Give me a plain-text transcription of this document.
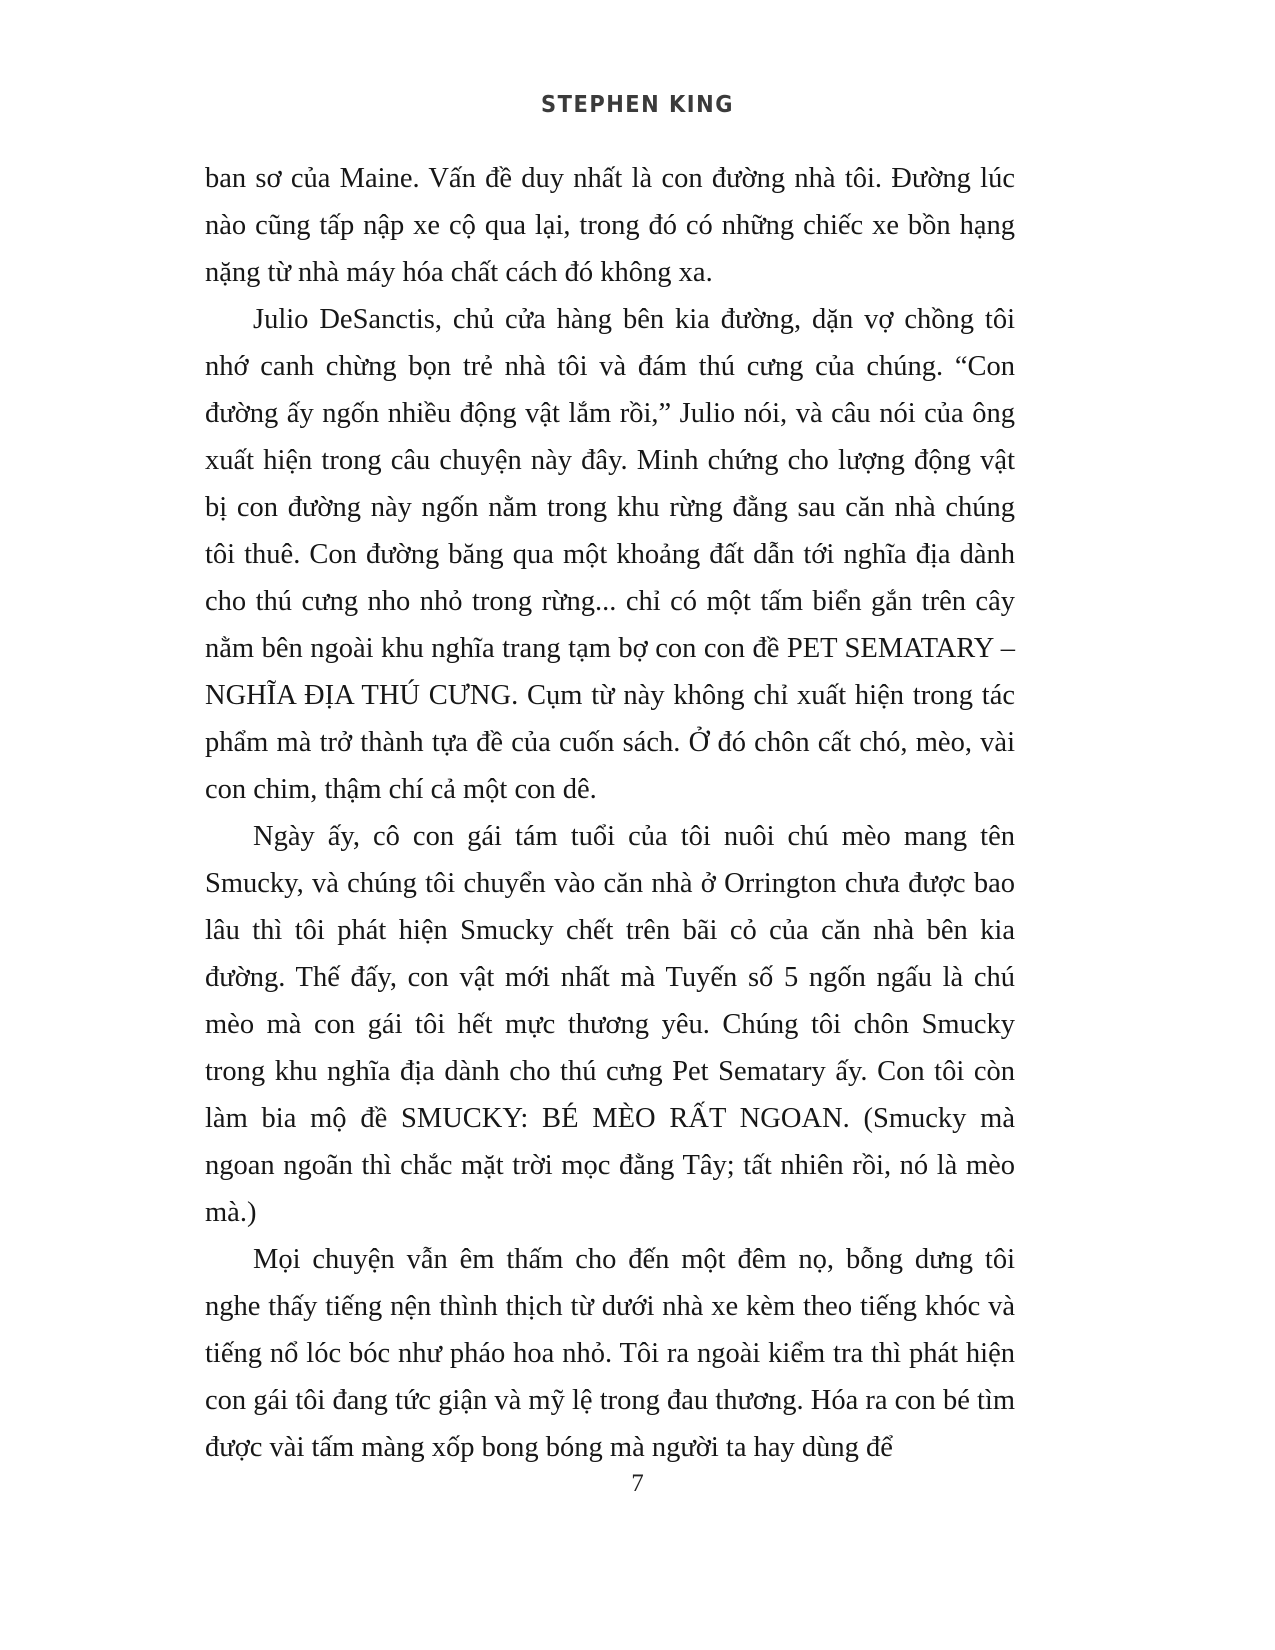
STEPHEN KING

ban sơ của Maine. Vấn đề duy nhất là con đường nhà tôi. Đường lúc nào cũng tấp nập xe cộ qua lại, trong đó có những chiếc xe bồn hạng nặng từ nhà máy hóa chất cách đó không xa.

Julio DeSanctis, chủ cửa hàng bên kia đường, dặn vợ chồng tôi nhớ canh chừng bọn trẻ nhà tôi và đám thú cưng của chúng. “Con đường ấy ngốn nhiều động vật lắm rồi,” Julio nói, và câu nói của ông xuất hiện trong câu chuyện này đây. Minh chứng cho lượng động vật bị con đường này ngốn nằm trong khu rừng đằng sau căn nhà chúng tôi thuê. Con đường băng qua một khoảng đất dẫn tới nghĩa địa dành cho thú cưng nho nhỏ trong rừng... chỉ có một tấm biển gắn trên cây nằm bên ngoài khu nghĩa trang tạm bợ con con đề PET SEMATARY – NGHĨA ĐỊA THÚ CƯNG. Cụm từ này không chỉ xuất hiện trong tác phẩm mà trở thành tựa đề của cuốn sách. Ở đó chôn cất chó, mèo, vài con chim, thậm chí cả một con dê.

Ngày ấy, cô con gái tám tuổi của tôi nuôi chú mèo mang tên Smucky, và chúng tôi chuyển vào căn nhà ở Orrington chưa được bao lâu thì tôi phát hiện Smucky chết trên bãi cỏ của căn nhà bên kia đường. Thế đấy, con vật mới nhất mà Tuyến số 5 ngốn ngấu là chú mèo mà con gái tôi hết mực thương yêu. Chúng tôi chôn Smucky trong khu nghĩa địa dành cho thú cưng Pet Sematary ấy. Con tôi còn làm bia mộ đề SMUCKY: BÉ MÈO RẤT NGOAN. (Smucky mà ngoan ngoãn thì chắc mặt trời mọc đằng Tây; tất nhiên rồi, nó là mèo mà.)

Mọi chuyện vẫn êm thấm cho đến một đêm nọ, bỗng dưng tôi nghe thấy tiếng nện thình thịch từ dưới nhà xe kèm theo tiếng khóc và tiếng nổ lóc bóc như pháo hoa nhỏ. Tôi ra ngoài kiểm tra thì phát hiện con gái tôi đang tức giận và mỹ lệ trong đau thương. Hóa ra con bé tìm được vài tấm màng xốp bong bóng mà người ta hay dùng để

7
